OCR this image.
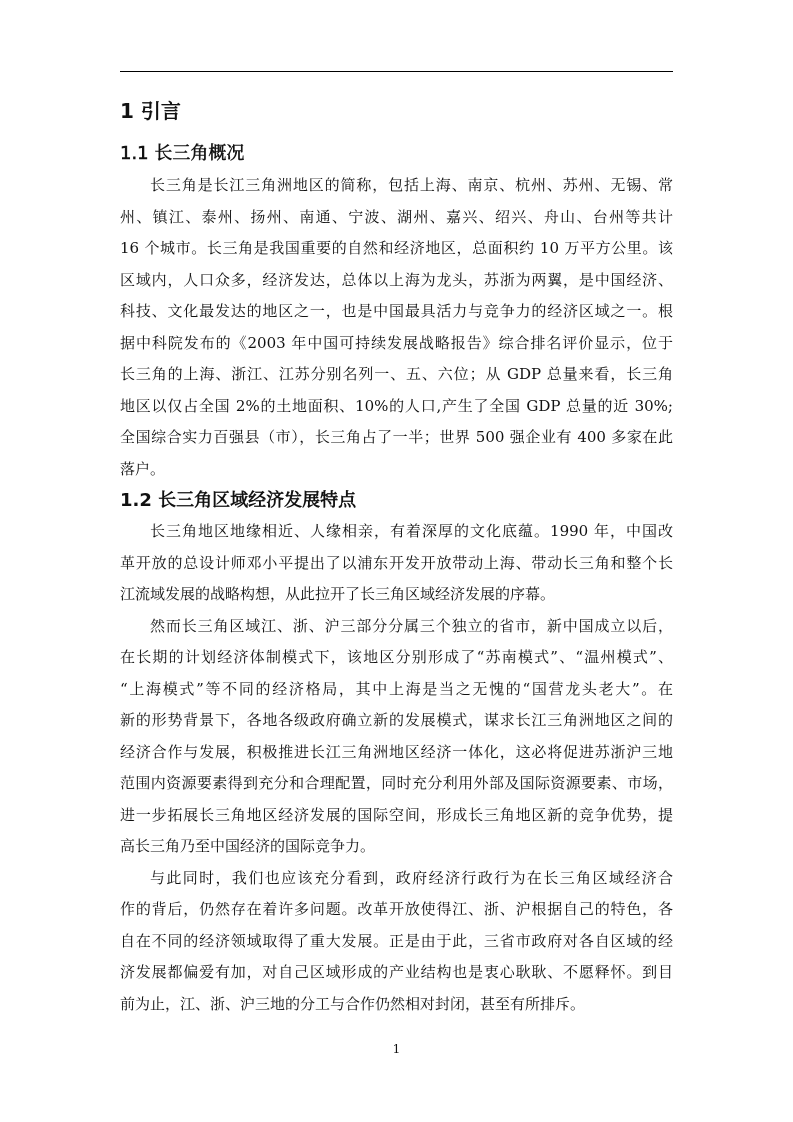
1 引言
1.1 长三角概况
长三角是长江三角洲地区的简称，包括上海、南京、杭州、苏州、无锡、常
州、镇江、泰州、扬州、南通、宁波、湖州、嘉兴、绍兴、舟山、台州等共计
16 个城市。长三角是我国重要的自然和经济地区，总面积约 10 万平方公里。该
区域内，人口众多，经济发达，总体以上海为龙头，苏浙为两翼，是中国经济、
科技、文化最发达的地区之一，也是中国最具活力与竞争力的经济区域之一。根
据中科院发布的《2003 年中国可持续发展战略报告》综合排名评价显示，位于
长三角的上海、浙江、江苏分别名列一、五、六位；从 GDP 总量来看，长三角
地区以仅占全国 2%的土地面积、10%的人口,产生了全国 GDP 总量的近 30%;
全国综合实力百强县（市），长三角占了一半；世界 500 强企业有 400 多家在此
落户。
1.2 长三角区域经济发展特点
长三角地区地缘相近、人缘相亲，有着深厚的文化底蕴。1990 年，中国改
革开放的总设计师邓小平提出了以浦东开发开放带动上海、带动长三角和整个长
江流域发展的战略构想，从此拉开了长三角区域经济发展的序幕。
然而长三角区域江、浙、沪三部分分属三个独立的省市，新中国成立以后，
在长期的计划经济体制模式下，该地区分别形成了“苏南模式”、“温州模式”、
“上海模式”等不同的经济格局，其中上海是当之无愧的“国营龙头老大”。在
新的形势背景下，各地各级政府确立新的发展模式，谋求长江三角洲地区之间的
经济合作与发展，积极推进长江三角洲地区经济一体化，这必将促进苏浙沪三地
范围内资源要素得到充分和合理配置，同时充分利用外部及国际资源要素、市场，
进一步拓展长三角地区经济发展的国际空间，形成长三角地区新的竞争优势，提
高长三角乃至中国经济的国际竞争力。
与此同时，我们也应该充分看到，政府经济行政行为在长三角区域经济合
作的背后，仍然存在着许多问题。改革开放使得江、浙、沪根据自己的特色，各
自在不同的经济领域取得了重大发展。正是由于此，三省市政府对各自区域的经
济发展都偏爱有加，对自己区域形成的产业结构也是衷心耿耿、不愿释怀。到目
前为止，江、浙、沪三地的分工与合作仍然相对封闭，甚至有所排斥。
1
